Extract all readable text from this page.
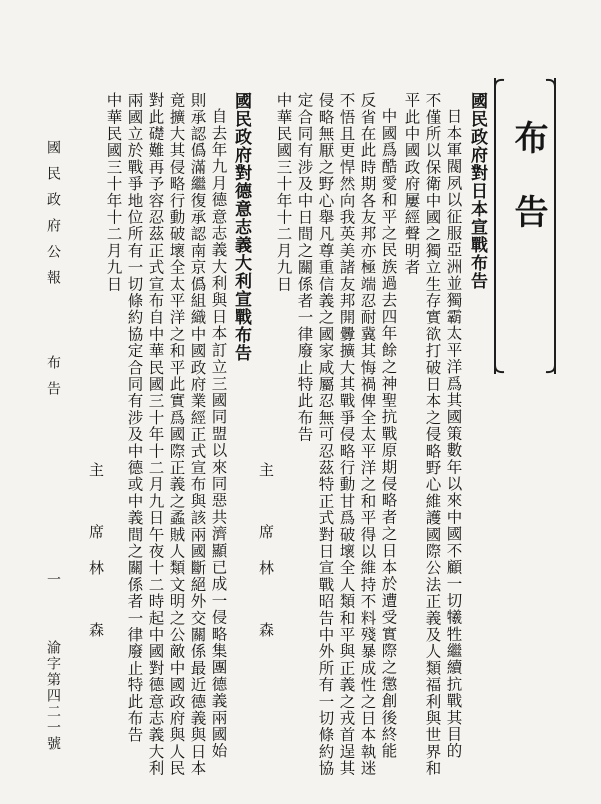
布告
國民政府對日本宣戰布告
日本軍閥夙以征服亞洲並獨霸太平洋爲其國策數年以來中國不顧一切犧牲繼續抗戰其目的
不僅所以保衛中國之獨立生存實欲打破日本之侵略野心維護國際公法正義及人類福利與世界和
平此中國政府屢經聲明者
中國爲酷愛和平之民族過去四年餘之神聖抗戰原期侵略者之日本於遭受實際之懲創後終能
反省在此時期各友邦亦極端忍耐冀其悔禍俾全太平洋之和平得以維持不料殘暴成性之日本執迷
不悟且更悍然向我英美諸友邦開釁擴大其戰爭侵略行動甘爲破壞全人類和平與正義之戎首逞其
侵略無厭之野心舉凡尊重信義之國家咸屬忍無可忍茲特正式對日宣戰昭告中外所有一切條約協
定合同有涉及中日間之關係者一律廢止特此布告
中華民國三十年十二月九日
主　席
林　森
國民政府對德意志義大利宣戰布告
自去年九月德意志義大利與日本訂立三國同盟以來同惡共濟顯已成一侵略集團德義兩國始
則承認僞滿繼復承認南京僞組織中國政府業經正式宣布與該兩國斷絕外交關係最近德義與日本
竟擴大其侵略行動破壞全太平洋之和平此實爲國際正義之蟊賊人類文明之公敵中國政府與人民
對此礎難再予容忍茲正式宣布自中華民國三十年十二月九日午夜十二時起中國對德意志義大利
兩國立於戰爭地位所有一切條約協定合同有涉及中德或中義間之關係者一律廢止特此布告
中華民國三十年十二月九日
主　席
林　森
國民政府公報
布告
一
渝字第四二一號
